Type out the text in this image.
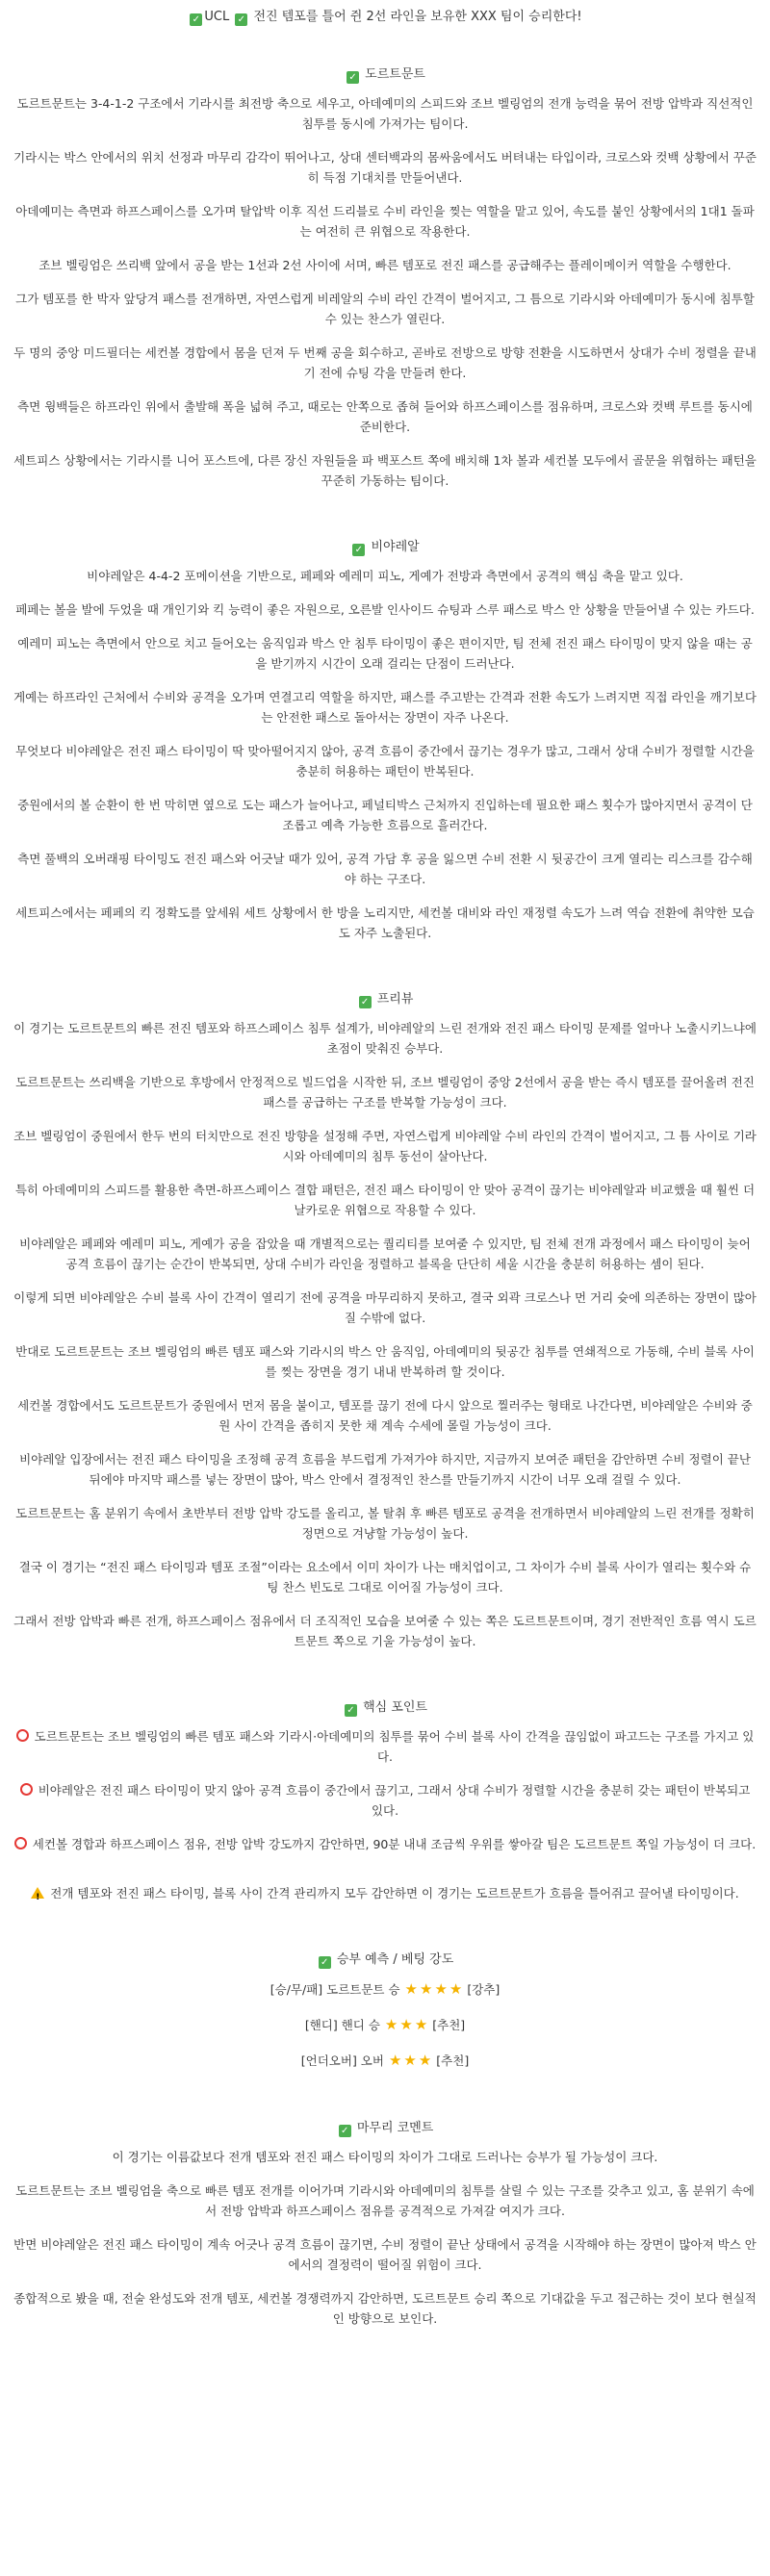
✓ UCL ✓ 전진 템포를 틀어 쥔 2선 라인을 보유한 XXX 팀이 승리한다!
✓ 도르트문트

도르트문트는 3-4-1-2 구조에서 기라시를 최전방 축으로 세우고, 아데예미의 스피드와 조브 벨링엄의 전개 능력을 묶어 전방 압박과 직선적인 침투를 동시에 가져가는 팀이다.

기라시는 박스 안에서의 위치 선정과 마무리 감각이 뛰어나고, 상대 센터백과의 몸싸움에서도 버텨내는 타입이라, 크로스와 컷백 상황에서 꾸준히 득점 기대치를 만들어낸다.

아데예미는 측면과 하프스페이스를 오가며 탈압박 이후 직선 드리블로 수비 라인을 찢는 역할을 맡고 있어, 속도를 붙인 상황에서의 1대1 돌파는 여전히 큰 위협으로 작용한다.

조브 벨링엄은 쓰리백 앞에서 공을 받는 1선과 2선 사이에 서며, 빠른 템포로 전진 패스를 공급해주는 플레이메이커 역할을 수행한다.

그가 템포를 한 박자 앞당겨 패스를 전개하면, 자연스럽게 비레알의 수비 라인 간격이 벌어지고, 그 틈으로 기라시와 아데예미가 동시에 침투할 수 있는 찬스가 열린다.

두 명의 중앙 미드필더는 세컨볼 경합에서 몸을 던져 두 번째 공을 회수하고, 곧바로 전방으로 방향 전환을 시도하면서 상대가 수비 정렬을 끝내기 전에 슈팅 각을 만들려 한다.

측면 윙백들은 하프라인 위에서 출발해 폭을 넓혀 주고, 때로는 안쪽으로 좁혀 들어와 하프스페이스를 점유하며, 크로스와 컷백 루트를 동시에 준비한다.

세트피스 상황에서는 기라시를 니어 포스트에, 다른 장신 자원들을 파 백포스트 쪽에 배치해 1차 볼과 세컨볼 모두에서 골문을 위협하는 패턴을 꾸준히 가동하는 팀이다.

✓ 비야레알

비야레알은 4-4-2 포메이션을 기반으로, 페페와 예레미 피노, 게예가 전방과 측면에서 공격의 핵심 축을 맡고 있다.

페페는 볼을 발에 두었을 때 개인기와 킥 능력이 좋은 자원으로, 오른발 인사이드 슈팅과 스루 패스로 박스 안 상황을 만들어낼 수 있는 카드다.

예레미 피노는 측면에서 안으로 치고 들어오는 움직임과 박스 안 침투 타이밍이 좋은 편이지만, 팀 전체 전진 패스 타이밍이 맞지 않을 때는 공을 받기까지 시간이 오래 걸리는 단점이 드러난다.

게예는 하프라인 근처에서 수비와 공격을 오가며 연결고리 역할을 하지만, 패스를 주고받는 간격과 전환 속도가 느려지면 직접 라인을 깨기보다는 안전한 패스로 돌아서는 장면이 자주 나온다.

무엇보다 비야레알은 전진 패스 타이밍이 딱 맞아떨어지지 않아, 공격 흐름이 중간에서 끊기는 경우가 많고, 그래서 상대 수비가 정렬할 시간을 충분히 허용하는 패턴이 반복된다.

중원에서의 볼 순환이 한 번 막히면 옆으로 도는 패스가 늘어나고, 페널티박스 근처까지 진입하는데 필요한 패스 횟수가 많아지면서 공격이 단조롭고 예측 가능한 흐름으로 흘러간다.

측면 풀백의 오버래핑 타이밍도 전진 패스와 어긋날 때가 있어, 공격 가담 후 공을 잃으면 수비 전환 시 뒷공간이 크게 열리는 리스크를 감수해야 하는 구조다.

세트피스에서는 페페의 킥 정확도를 앞세워 세트 상황에서 한 방을 노리지만, 세컨볼 대비와 라인 재정렬 속도가 느려 역습 전환에 취약한 모습도 자주 노출된다.

✓ 프리뷰

이 경기는 도르트문트의 빠른 전진 템포와 하프스페이스 침투 설계가, 비야레알의 느린 전개와 전진 패스 타이밍 문제를 얼마나 노출시키느냐에 초점이 맞춰진 승부다.

도르트문트는 쓰리백을 기반으로 후방에서 안정적으로 빌드업을 시작한 뒤, 조브 벨링엄이 중앙 2선에서 공을 받는 즉시 템포를 끌어올려 전진 패스를 공급하는 구조를 반복할 가능성이 크다.

조브 벨링엄이 중원에서 한두 번의 터치만으로 전진 방향을 설정해 주면, 자연스럽게 비야레알 수비 라인의 간격이 벌어지고, 그 틈 사이로 기라시와 아데예미의 침투 동선이 살아난다.

특히 아데예미의 스피드를 활용한 측면-하프스페이스 결합 패턴은, 전진 패스 타이밍이 안 맞아 공격이 끊기는 비야레알과 비교했을 때 훨씬 더 날카로운 위협으로 작용할 수 있다.

비야레알은 페페와 예레미 피노, 게예가 공을 잡았을 때 개별적으로는 퀄리티를 보여줄 수 있지만, 팀 전체 전개 과정에서 패스 타이밍이 늦어 공격 흐름이 끊기는 순간이 반복되면, 상대 수비가 라인을 정렬하고 블록을 단단히 세울 시간을 충분히 허용하는 셈이 된다.

이렇게 되면 비야레알은 수비 블록 사이 간격이 열리기 전에 공격을 마무리하지 못하고, 결국 외곽 크로스나 먼 거리 슛에 의존하는 장면이 많아질 수밖에 없다.

반대로 도르트문트는 조브 벨링엄의 빠른 템포 패스와 기라시의 박스 안 움직임, 아데예미의 뒷공간 침투를 연쇄적으로 가동해, 수비 블록 사이를 찢는 장면을 경기 내내 반복하려 할 것이다.

세컨볼 경합에서도 도르트문트가 중원에서 먼저 몸을 붙이고, 템포를 끊기 전에 다시 앞으로 찔러주는 형태로 나간다면, 비야레알은 수비와 중원 사이 간격을 좁히지 못한 채 계속 수세에 몰릴 가능성이 크다.

비야레알 입장에서는 전진 패스 타이밍을 조정해 공격 흐름을 부드럽게 가져가야 하지만, 지금까지 보여준 패턴을 감안하면 수비 정렬이 끝난 뒤에야 마지막 패스를 넣는 장면이 많아, 박스 안에서 결정적인 찬스를 만들기까지 시간이 너무 오래 걸릴 수 있다.

도르트문트는 홈 분위기 속에서 초반부터 전방 압박 강도를 올리고, 볼 탈취 후 빠른 템포로 공격을 전개하면서 비야레알의 느린 전개를 정확히 정면으로 겨냥할 가능성이 높다.

결국 이 경기는 “전진 패스 타이밍과 템포 조절”이라는 요소에서 이미 차이가 나는 매치업이고, 그 차이가 수비 블록 사이가 열리는 횟수와 슈팅 찬스 빈도로 그대로 이어질 가능성이 크다.

그래서 전방 압박과 빠른 전개, 하프스페이스 점유에서 더 조직적인 모습을 보여줄 수 있는 쪽은 도르트문트이며, 경기 전반적인 흐름 역시 도르트문트 쪽으로 기울 가능성이 높다.

✓ 핵심 포인트

도르트문트는 조브 벨링엄의 빠른 템포 패스와 기라시·아데예미의 침투를 묶어 수비 블록 사이 간격을 끊임없이 파고드는 구조를 가지고 있다.

비야레알은 전진 패스 타이밍이 맞지 않아 공격 흐름이 중간에서 끊기고, 그래서 상대 수비가 정렬할 시간을 충분히 갖는 패턴이 반복되고 있다.

세컨볼 경합과 하프스페이스 점유, 전방 압박 강도까지 감안하면, 90분 내내 조금씩 우위를 쌓아갈 팀은 도르트문트 쪽일 가능성이 더 크다.

!전개 템포와 전진 패스 타이밍, 블록 사이 간격 관리까지 모두 감안하면 이 경기는 도르트문트가 흐름을 틀어쥐고 끌어낼 타이밍이다.

✓ 승부 예측 / 베팅 강도
[승/무/패] 도르트문트 승 ★ ★ ★ ★ [강추]
[핸디] 핸디 승 ★ ★ ★ [추천]
[언더오버] 오버 ★ ★ ★ [추천]
✓ 마무리 코멘트

이 경기는 이름값보다 전개 템포와 전진 패스 타이밍의 차이가 그대로 드러나는 승부가 될 가능성이 크다.

도르트문트는 조브 벨링엄을 축으로 빠른 템포 전개를 이어가며 기라시와 아데예미의 침투를 살릴 수 있는 구조를 갖추고 있고, 홈 분위기 속에서 전방 압박과 하프스페이스 점유를 공격적으로 가져갈 여지가 크다.

반면 비야레알은 전진 패스 타이밍이 계속 어긋나 공격 흐름이 끊기면, 수비 정렬이 끝난 상태에서 공격을 시작해야 하는 장면이 많아져 박스 안에서의 결정력이 떨어질 위험이 크다.

종합적으로 봤을 때, 전술 완성도와 전개 템포, 세컨볼 경쟁력까지 감안하면, 도르트문트 승리 쪽으로 기대값을 두고 접근하는 것이 보다 현실적인 방향으로 보인다.
